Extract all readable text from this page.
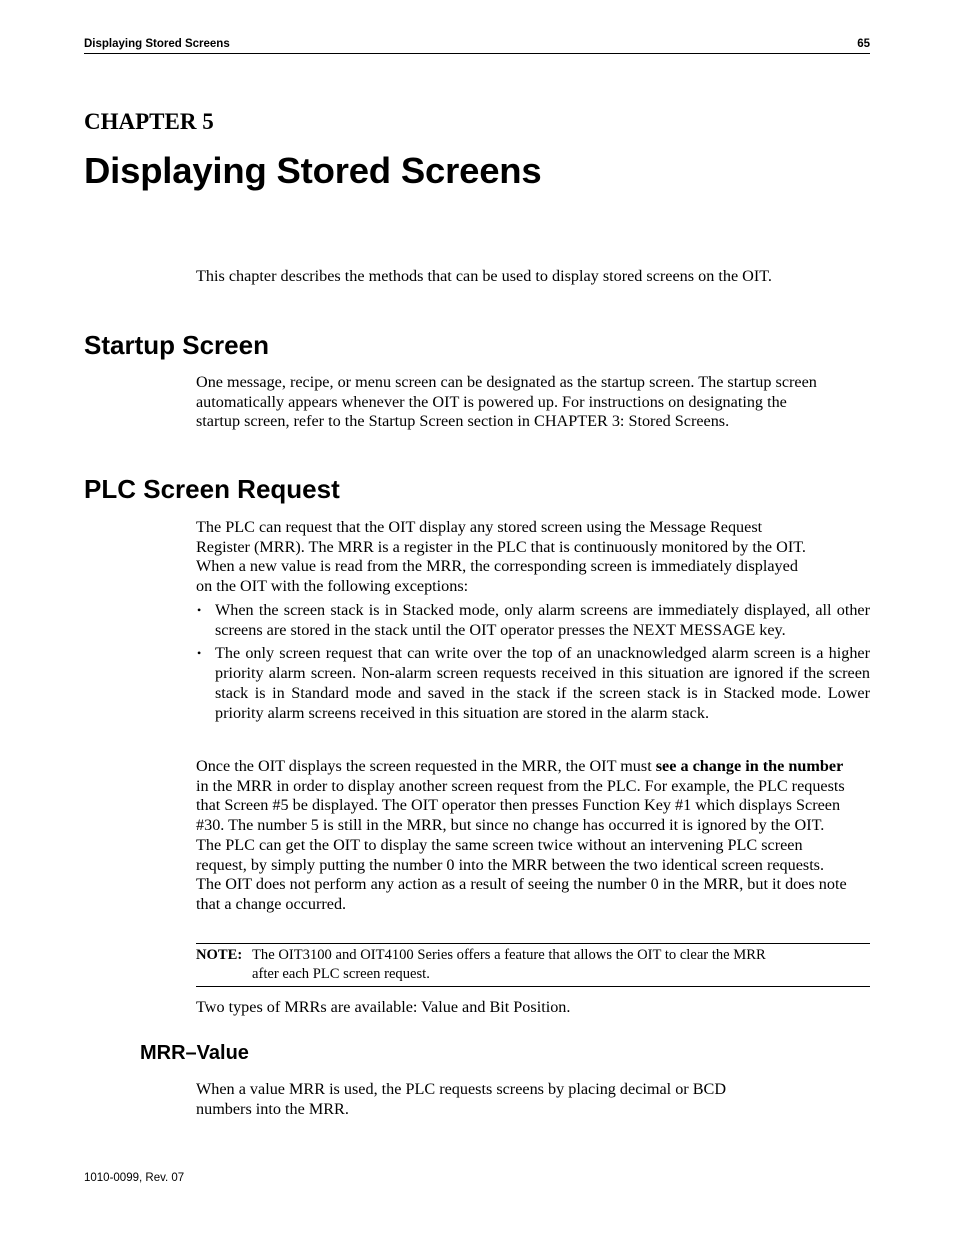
Displaying Stored Screens	65
CHAPTER 5
Displaying Stored Screens

This chapter describes the methods that can be used to display stored screens on the OIT.

Startup Screen

One message, recipe, or menu screen can be designated as the startup screen. The startup screen

automatically appears whenever the OIT is powered up. For instructions on designating the

startup screen, refer to the Startup Screen section in CHAPTER 3: Stored Screens.

PLC Screen Request

The PLC can request that the OIT display any stored screen using the Message Request

Register (MRR). The MRR is a register in the PLC that is continuously monitored by the OIT.

When a new value is read from the MRR, the corresponding screen is immediately displayed

on the OIT with the following exceptions:

• When the screen stack is in Stacked mode, only alarm screens are immediately displayed, all other screens are stored in the stack until the OIT operator presses the NEXT MESSAGE key.
• The only screen request that can write over the top of an unacknowledged alarm screen is a higher priority alarm screen. Non-alarm screen requests received in this situation are ignored if the screen stack is in Standard mode and saved in the stack if the screen stack is in Stacked mode. Lower priority alarm screens received in this situation are stored in the alarm stack.

Once the OIT displays the screen requested in the MRR, the OIT must see a change in the number in the MRR in order to display another screen request from the PLC. For example, the PLC requests that Screen #5 be displayed. The OIT operator then presses Function Key #1 which displays Screen #30. The number 5 is still in the MRR, but since no change has occurred it is ignored by the OIT. The PLC can get the OIT to display the same screen twice without an intervening PLC screen request, by simply putting the number 0 into the MRR between the two identical screen requests. The OIT does not perform any action as a result of seeing the number 0 in the MRR, but it does note that a change occurred.

NOTE: The OIT3100 and OIT4100 Series offers a feature that allows the OIT to clear the MRR
after each PLC screen request.

Two types of MRRs are available: Value and Bit Position.

MRR–Value

When a value MRR is used, the PLC requests screens by placing decimal or BCD

numbers into the MRR.

1010-0099, Rev. 07
